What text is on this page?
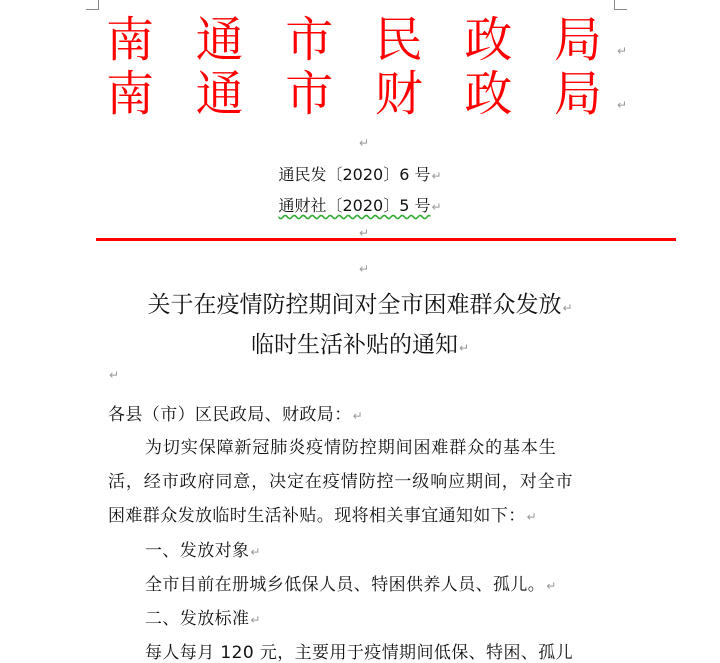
南 通 市 民 政 局 ↵
南 通 市 财 政 局 ↵
↵
通民发〔2020〕6 号↵
通财社〔2020〕5 号↵
↵
↵
关于在疫情防控期间对全市困难群众发放↵
临时生活补贴的通知↵
↵
各县（市）区民政局、财政局：↵
为切实保障新冠肺炎疫情防控期间困难群众的基本生
活，经市政府同意，决定在疫情防控一级响应期间，对全市
困难群众发放临时生活补贴。现将相关事宜通知如下：↵
一、发放对象↵
全市目前在册城乡低保人员、特困供养人员、孤儿。↵
二、发放标准↵
每人每月 120 元，主要用于疫情期间低保、特困、孤儿
